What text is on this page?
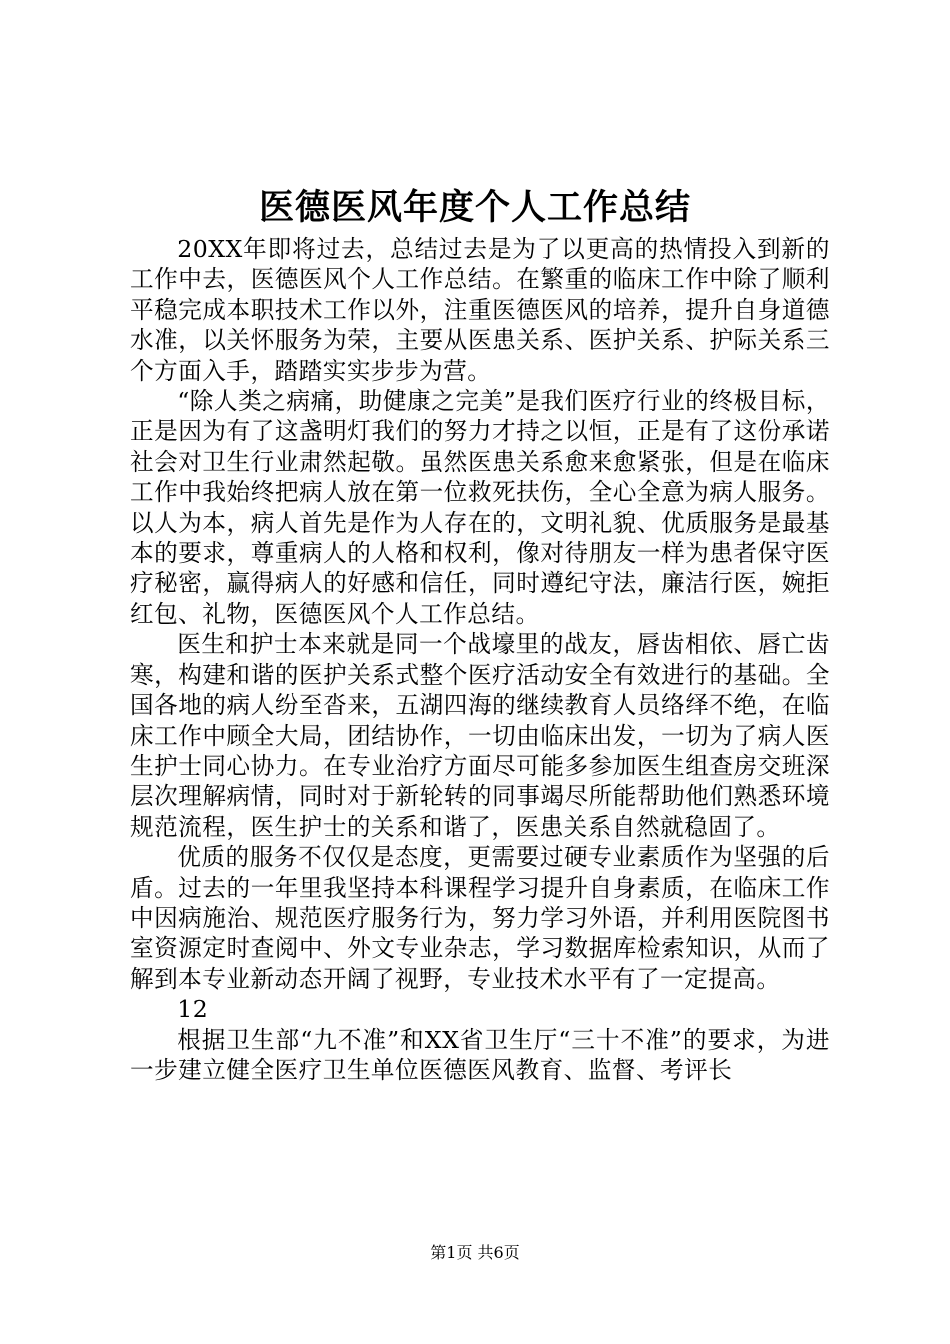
医德医风年度个人工作总结

20XX年即将过去，总结过去是为了以更高的热情投入到新的工作中去，医德医风个人工作总结。在繁重的临床工作中除了顺利平稳完成本职技术工作以外，注重医德医风的培养，提升自身道德水准，以关怀服务为荣，主要从医患关系、医护关系、护际关系三个方面入手，踏踏实实步步为营。

“除人类之病痛，助健康之完美”是我们医疗行业的终极目标，正是因为有了这盏明灯我们的努力才持之以恒，正是有了这份承诺社会对卫生行业肃然起敬。虽然医患关系愈来愈紧张，但是在临床工作中我始终把病人放在第一位救死扶伤，全心全意为病人服务。以人为本，病人首先是作为人存在的，文明礼貌、优质服务是最基本的要求，尊重病人的人格和权利，像对待朋友一样为患者保守医疗秘密，赢得病人的好感和信任，同时遵纪守法，廉洁行医，婉拒红包、礼物，医德医风个人工作总结。

医生和护士本来就是同一个战壕里的战友，唇齿相依、唇亡齿寒，构建和谐的医护关系式整个医疗活动安全有效进行的基础。全国各地的病人纷至沓来，五湖四海的继续教育人员络绎不绝，在临床工作中顾全大局，团结协作，一切由临床出发，一切为了病人医生护士同心协力。在专业治疗方面尽可能多参加医生组查房交班深层次理解病情，同时对于新轮转的同事竭尽所能帮助他们熟悉环境规范流程，医生护士的关系和谐了，医患关系自然就稳固了。

优质的服务不仅仅是态度，更需要过硬专业素质作为坚强的后盾。过去的一年里我坚持本科课程学习提升自身素质，在临床工作中因病施治、规范医疗服务行为，努力学习外语，并利用医院图书室资源定时查阅中、外文专业杂志，学习数据库检索知识，从而了解到本专业新动态开阔了视野，专业技术水平有了一定提高。

12

根据卫生部“九不准”和XX省卫生厅“三十不准”的要求，为进一步建立健全医疗卫生单位医德医风教育、监督、考评长

第1页 共6页
